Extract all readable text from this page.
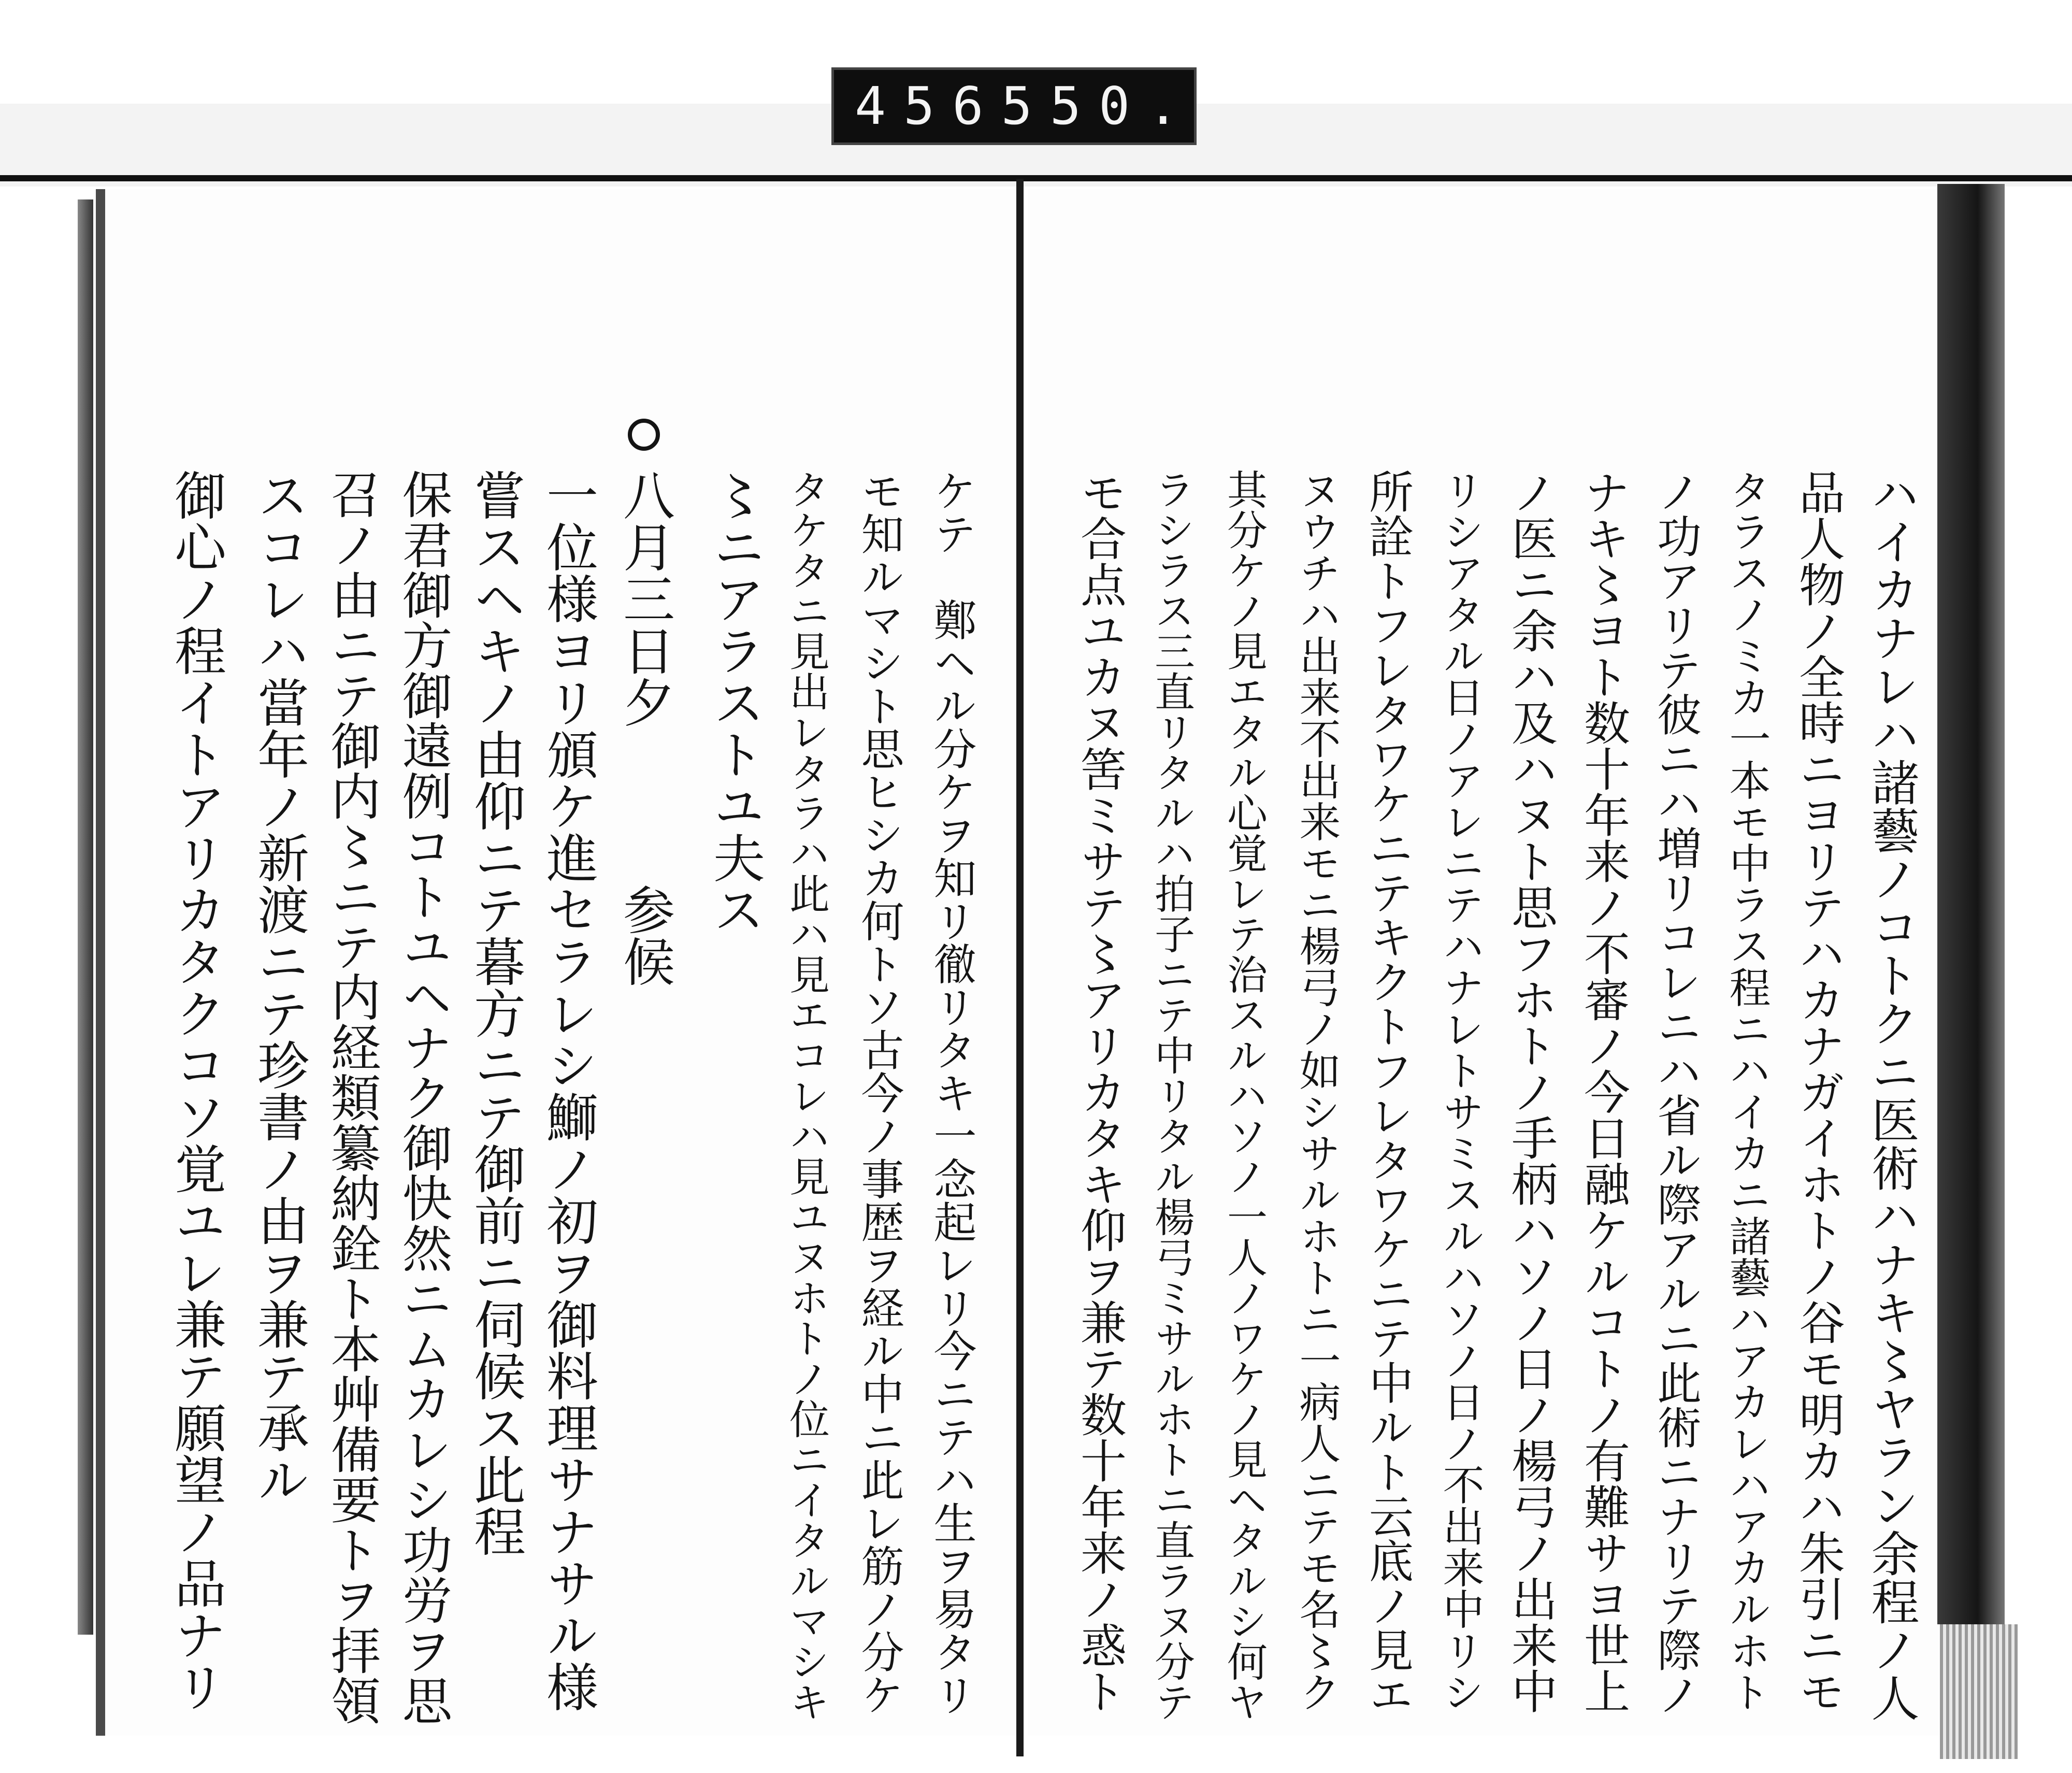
456 550.
ハイカナレハ諸藝ノコトクニ医術ハナキ〻ヤラン余程ノ人
品人物ノ全時ニヨリテハカナガイホトノ谷モ明カハ朱引ニモ
タラスノミカ一本モ中ラス程ニハイカニ諸藝ハアカレハアカルホト
ノ功アリテ彼ニハ増リコレニハ省ル際アルニ此術ニナリテ際ノ
ナキ〻ヨト数十年来ノ不審ノ今日融ケルコトノ有難サヨ世上
ノ医ニ余ハ及ハヌト思フホトノ手柄ハソノ日ノ楊弓ノ出来中
リシアタル日ノアレニテハナレトサミスルハソノ日ノ不出来中リシ
所詮トフレタワケニテキクトフレタワケニテ中ルト云底ノ見エ
ヌウチハ出来不出来モニ楊弓ノ如シサルホトニ一病人ニテモ名〻ク
其分ケノ見エタル心覚レテ治スルハソノ一人ノワケノ見ヘタルシ何ヤ
ラシラス三直リタルハ拍子ニテ中リタル楊弓ミサルホトニ直ラヌ分テ
モ合点ユカヌ筈ミサテ〻アリカタキ仰ヲ兼テ数十年来ノ惑ト
ケテ　鄭ヘル分ケヲ知リ徹リタキ一念起レリ今ニテハ生ヲ易タリ
モ知ルマシト思ヒシカ何トソ古今ノ事歴ヲ経ル中ニ此レ筋ノ分ケ
タケタニ見出レタラハ此ハ見エコレハ見ユヌホトノ位ニイタルマシキ
〻ニアラストユ夫ス
八月三日夕　　　参候
一位様ヨリ頒ケ進セラレシ鰤ノ初ヲ御料理サナサル様
嘗スヘキノ由仰ニテ暮方ニテ御前ニ伺候ス此程
保君御方御遠例コトユヘナク御快然ニムカレシ功労ヲ思
召ノ由ニテ御内〻ニテ内経類纂納銓ト本艸備要トヲ拝領
スコレハ當年ノ新渡ニテ珍書ノ由ヲ兼テ承ル
御心ノ程イトアリカタクコソ覚ユレ兼テ願望ノ品ナリ
